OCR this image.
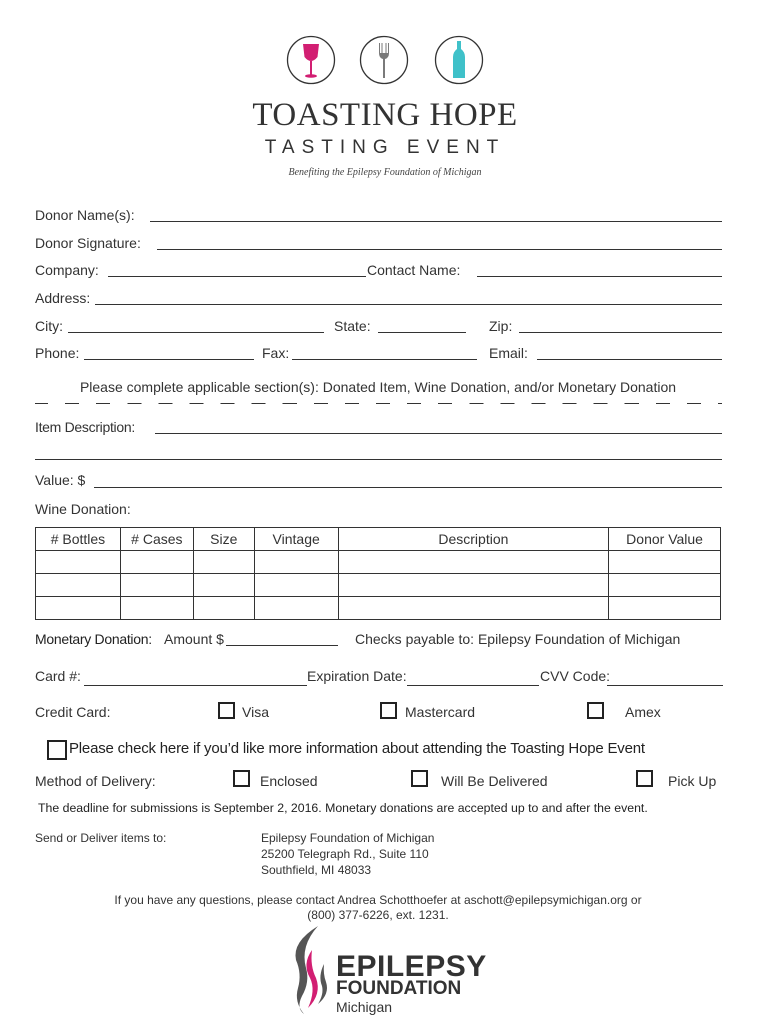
TOASTING HOPE
TASTING EVENT
Benefiting the Epilepsy Foundation of Michigan
Donor Name(s):
Donor Signature:
Company:	Contact Name:
Address:
City:	State:	Zip:
Phone:	Fax:	Email:
Please complete applicable section(s): Donated Item, Wine Donation, and/or Monetary Donation
Item Description:
Value: $
Wine Donation:
# Bottles	# Cases	Size	Vintage	Description	Donor Value

Monetary Donation: Amount $	Checks payable to: Epilepsy Foundation of Michigan
Card #:	Expiration Date:	CVV Code:
Credit Card:	Visa	Mastercard	Amex
Please check here if you’d like more information about attending the Toasting Hope Event
Method of Delivery:	Enclosed	Will Be Delivered	Pick Up
The deadline for submissions is September 2, 2016. Monetary donations are accepted up to and after the event.
Send or Deliver items to:	Epilepsy Foundation of Michigan
25200 Telegraph Rd., Suite 110
Southfield, MI 48033
If you have any questions, please contact Andrea Schotthoefer at aschott@epilepsymichigan.org or
(800) 377-6226, ext. 1231.
EPILEPSY
FOUNDATION
Michigan
